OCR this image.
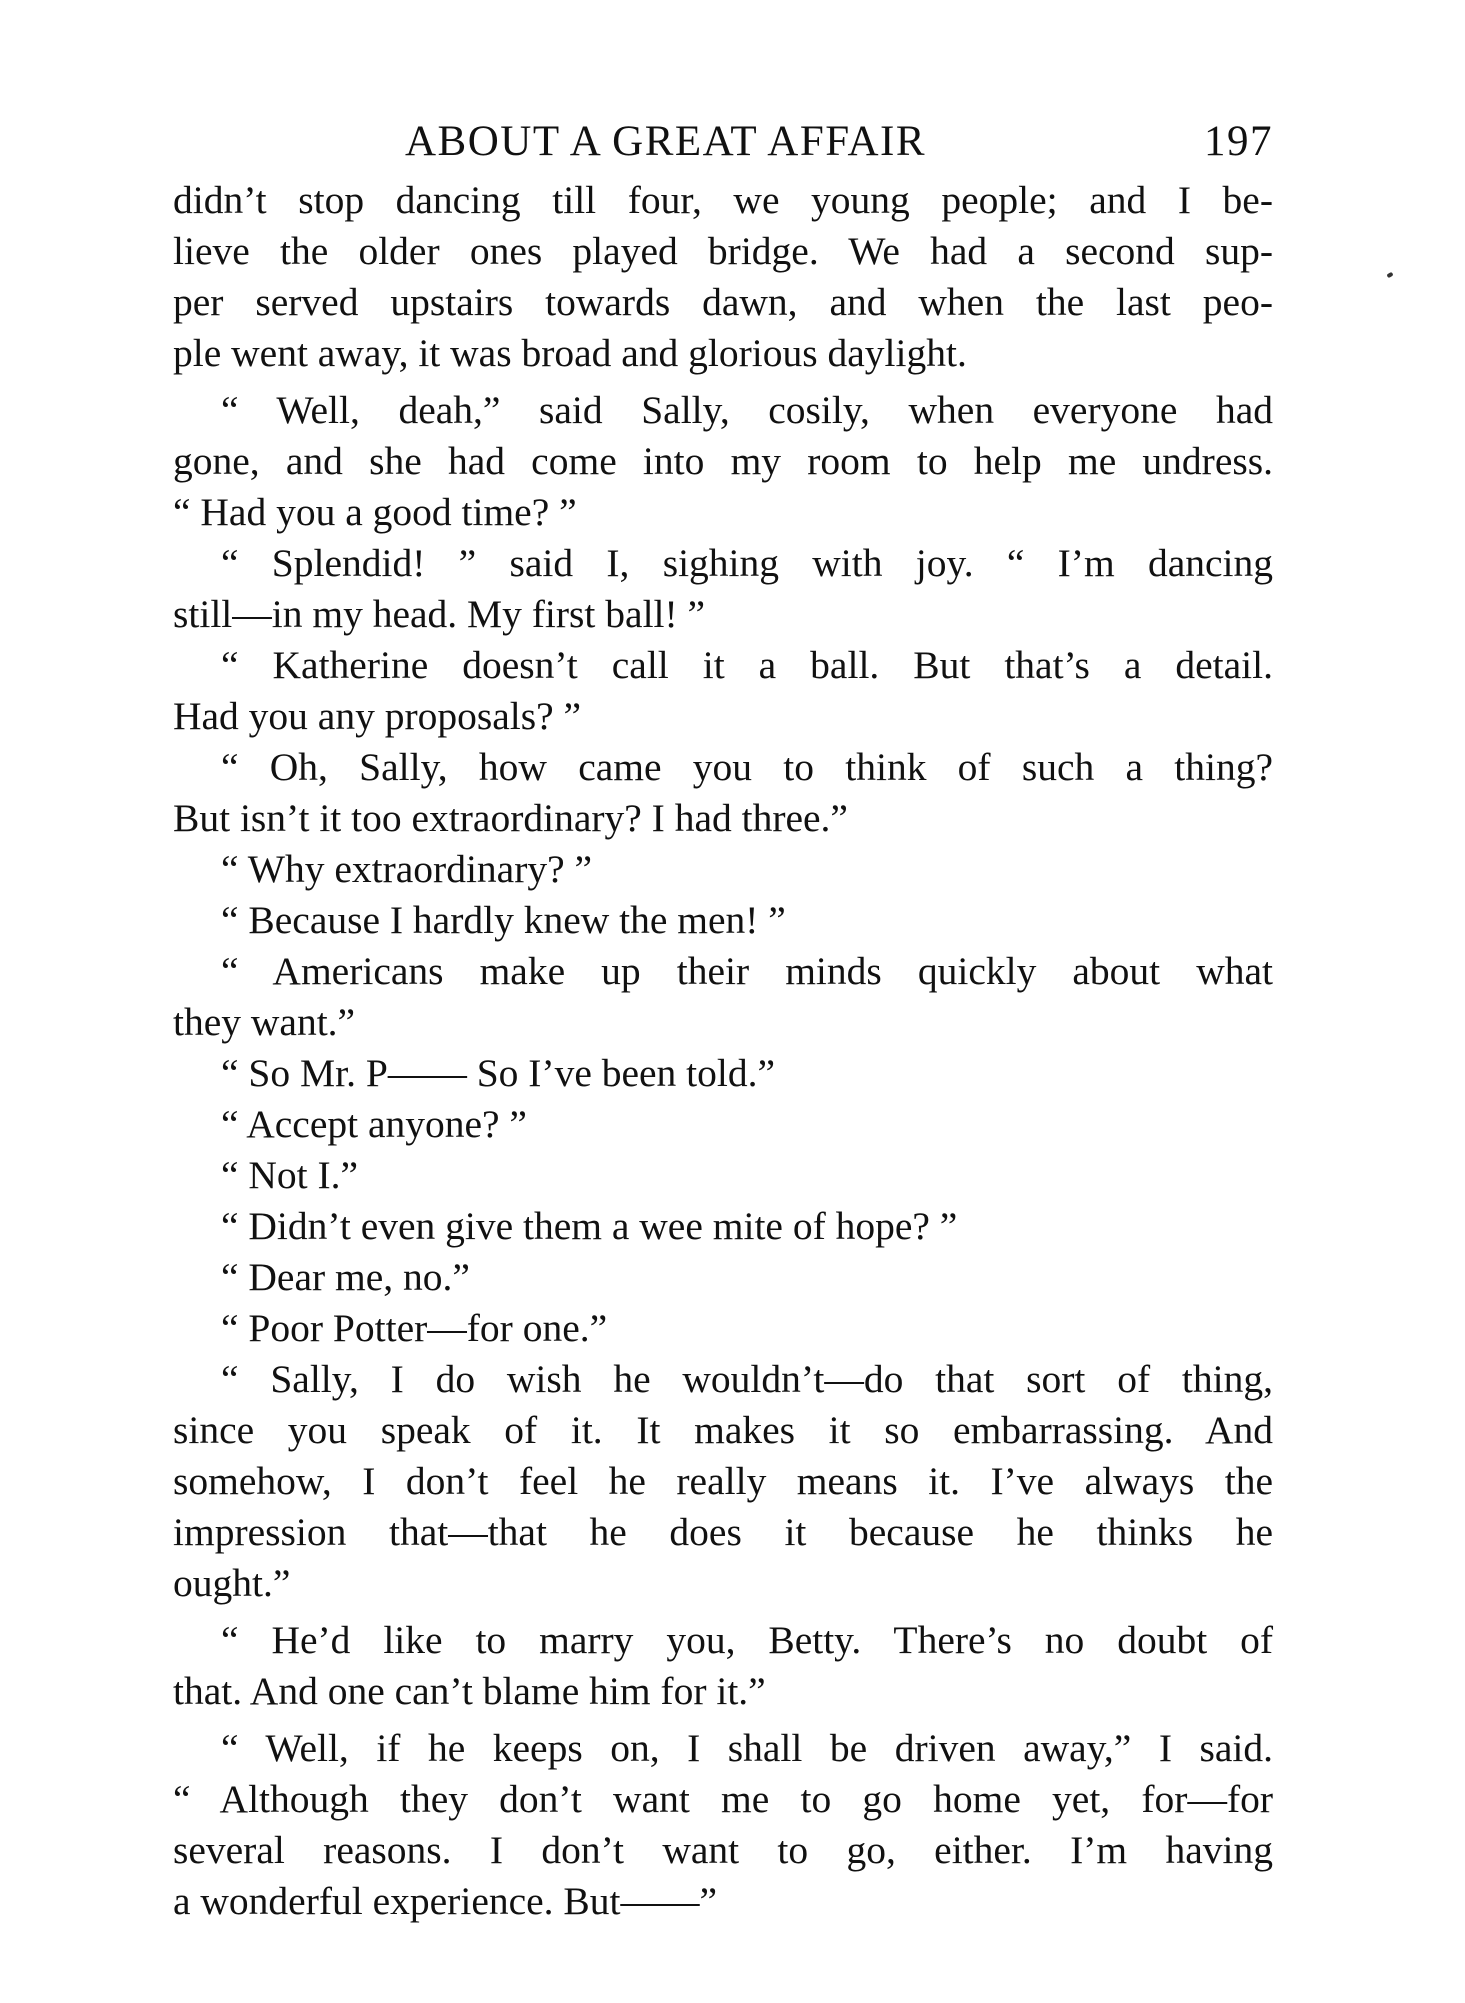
ABOUT A GREAT AFFAIR	197
didn’t stop dancing till four, we young people; and I be-
lieve the older ones played bridge. We had a second sup-
per served upstairs towards dawn, and when the last peo-
ple went away, it was broad and glorious daylight.
“ Well, deah,” said Sally, cosily, when everyone had
gone, and she had come into my room to help me undress.
“ Had you a good time? ”
“ Splendid! ” said I, sighing with joy. “ I’m dancing
still—in my head. My first ball! ”
“ Katherine doesn’t call it a ball. But that’s a detail.
Had you any proposals? ”
“ Oh, Sally, how came you to think of such a thing?
But isn’t it too extraordinary? I had three.”
“ Why extraordinary? ”
“ Because I hardly knew the men! ”
“ Americans make up their minds quickly about what
they want.”
“ So Mr. P—— So I’ve been told.”
“ Accept anyone? ”
“ Not I.”
“ Didn’t even give them a wee mite of hope? ”
“ Dear me, no.”
“ Poor Potter—for one.”
“ Sally, I do wish he wouldn’t—do that sort of thing,
since you speak of it. It makes it so embarrassing. And
somehow, I don’t feel he really means it. I’ve always the
impression that—that he does it because he thinks he
ought.”
“ He’d like to marry you, Betty. There’s no doubt of
that. And one can’t blame him for it.”
“ Well, if he keeps on, I shall be driven away,” I said.
“ Although they don’t want me to go home yet, for—for
several reasons. I don’t want to go, either. I’m having
a wonderful experience. But——”
